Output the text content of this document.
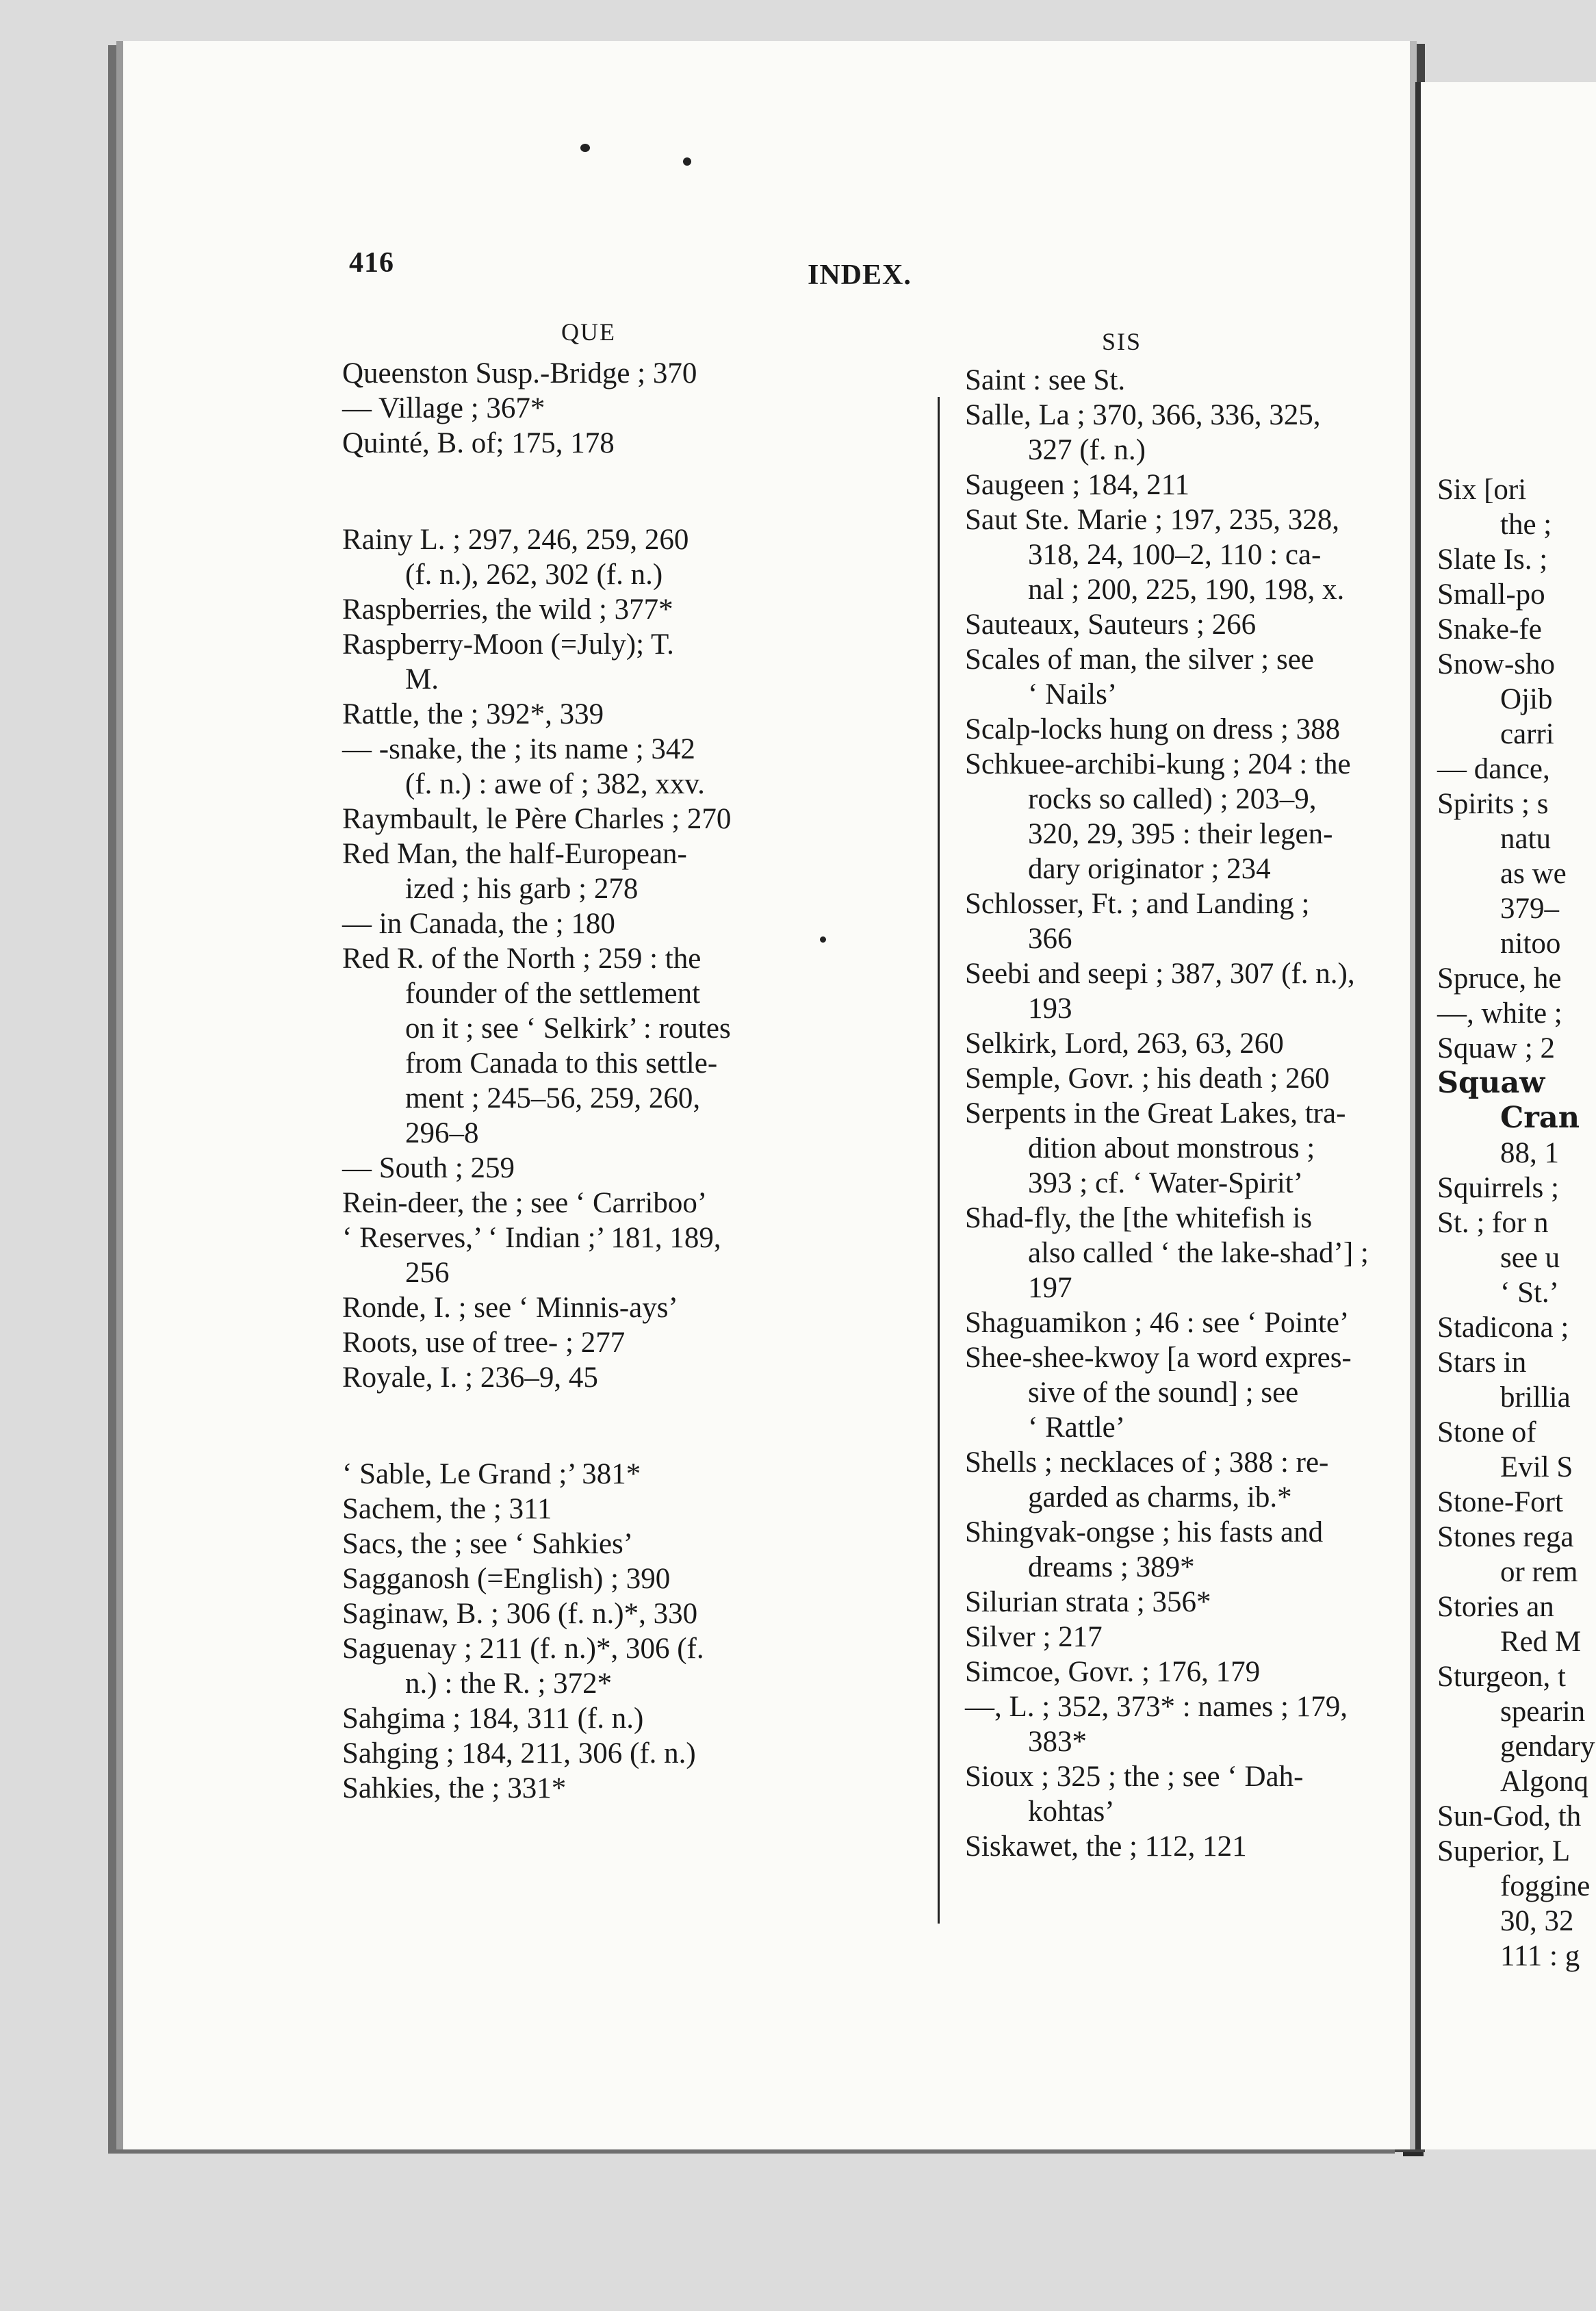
416	INDEX.
QUE	SIS
Queenston Susp.-Bridge ; 370
— Village ; 367*
Quinté, B. of; 175, 178
Rainy L. ; 297, 246, 259, 260
(f. n.), 262, 302 (f. n.)
Raspberries, the wild ; 377*
Raspberry-Moon (=July); T.
M.
Rattle, the ; 392*, 339
— -snake, the ; its name ; 342
(f. n.) : awe of ; 382, xxv.
Raymbault, le Père Charles ; 270
Red Man, the half-European-
ized ; his garb ; 278
— in Canada, the ; 180
Red R. of the North ; 259 : the
founder of the settlement
on it ; see ‘ Selkirk’ : routes
from Canada to this settle-
ment ; 245–56, 259, 260,
296–8
— South ; 259
Rein-deer, the ; see ‘ Carriboo’
‘ Reserves,’ ‘ Indian ;’ 181, 189,
256
Ronde, I. ; see ‘ Minnis-ays’
Roots, use of tree- ; 277
Royale, I. ; 236–9, 45
‘ Sable, Le Grand ;’ 381*
Sachem, the ; 311
Sacs, the ; see ‘ Sahkies’
Sagganosh (=English) ; 390
Saginaw, B. ; 306 (f. n.)*, 330
Saguenay ; 211 (f. n.)*, 306 (f.
n.) : the R. ; 372*
Sahgima ; 184, 311 (f. n.)
Sahging ; 184, 211, 306 (f. n.)
Sahkies, the ; 331*
Saint : see St.
Salle, La ; 370, 366, 336, 325,
327 (f. n.)
Saugeen ; 184, 211
Saut Ste. Marie ; 197, 235, 328,
318, 24, 100–2, 110 : ca-
nal ; 200, 225, 190, 198, x.
Sauteaux, Sauteurs ; 266
Scales of man, the silver ; see
‘ Nails’
Scalp-locks hung on dress ; 388
Schkuee-archibi-kung ; 204 : the
rocks so called) ; 203–9,
320, 29, 395 : their legen-
dary originator ; 234
Schlosser, Ft. ; and Landing ;
366
Seebi and seepi ; 387, 307 (f. n.),
193
Selkirk, Lord, 263, 63, 260
Semple, Govr. ; his death ; 260
Serpents in the Great Lakes, tra-
dition about monstrous ;
393 ; cf. ‘ Water-Spirit’
Shad-fly, the [the whitefish is
also called ‘ the lake-shad’] ;
197
Shaguamikon ; 46 : see ‘ Pointe’
Shee-shee-kwoy [a word expres-
sive of the sound] ; see
‘ Rattle’
Shells ; necklaces of ; 388 : re-
garded as charms, ib.*
Shingvak-ongse ; his fasts and
dreams ; 389*
Silurian strata ; 356*
Silver ; 217
Simcoe, Govr. ; 176, 179
—, L. ; 352, 373* : names ; 179,
383*
Sioux ; 325 ; the ; see ‘ Dah-
kohtas’
Siskawet, the ; 112, 121
Six [ori
the ;
Slate Is. ;
Small-po
Snake-fe
Snow-sho
Ojib
carri
— dance,
Spirits ; s
natu
as we
379–
nitoo
Spruce, he
—, white ;
Squaw ; 2
Squaw
Cran
88, 1
Squirrels ;
St. ; for n
see u
‘ St.’
Stadicona ;
Stars in
brillia
Stone of
Evil S
Stone-Fort
Stones rega
or rem
Stories an
Red M
Sturgeon, t
spearin
gendary
Algonq
Sun-God, th
Superior, L
foggine
30, 32
111 : g
